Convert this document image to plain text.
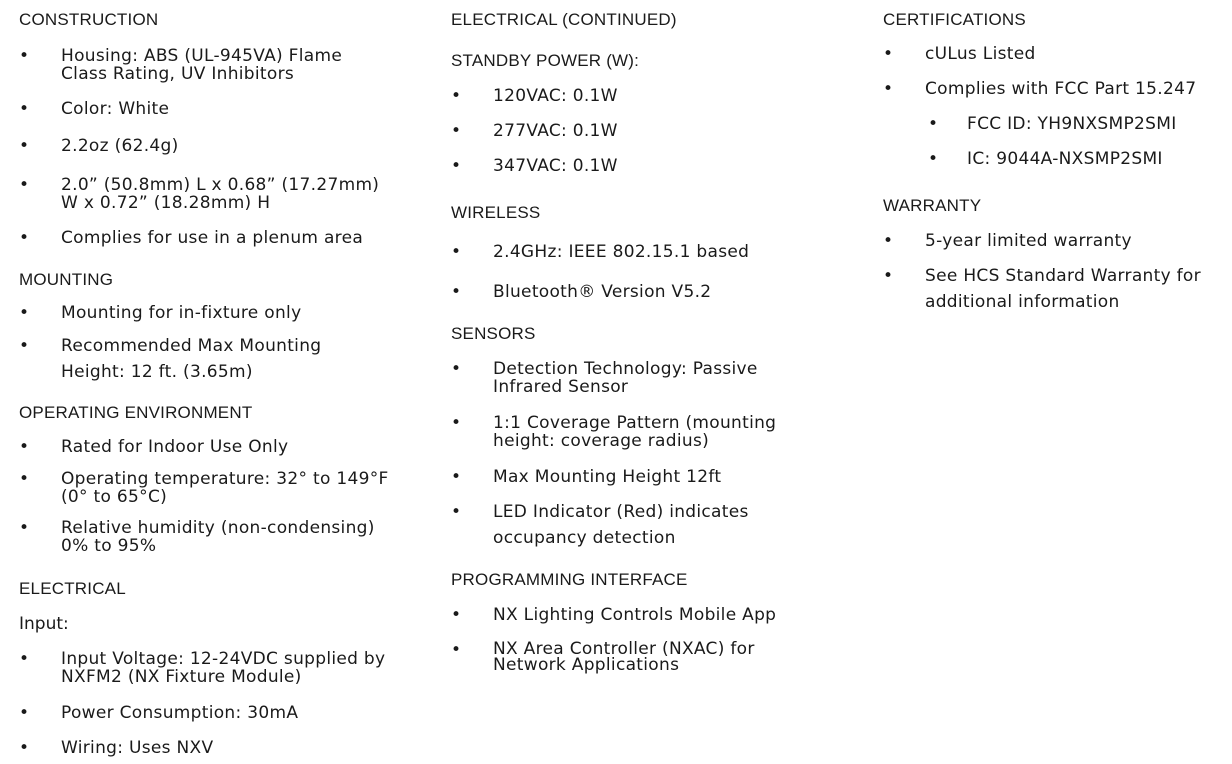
CONSTRUCTION
• Housing: ABS (UL-945VA) Flame
Class Rating, UV Inhibitors
• Color: White
• 2.2oz (62.4g)
• 2.0” (50.8mm) L x 0.68” (17.27mm)
W x 0.72” (18.28mm) H
• Complies for use in a plenum area
MOUNTING
• Mounting for in-fixture only
• Recommended Max Mounting
Height: 12 ft. (3.65m)
OPERATING ENVIRONMENT
• Rated for Indoor Use Only
• Operating temperature: 32° to 149°F
(0° to 65°C)
• Relative humidity (non-condensing)
0% to 95%
ELECTRICAL
Input:
• Input Voltage: 12-24VDC supplied by
NXFM2 (NX Fixture Module)
• Power Consumption: 30mA
• Wiring: Uses NXV
ELECTRICAL (CONTINUED)
STANDBY POWER (W):
• 120VAC: 0.1W
• 277VAC: 0.1W
• 347VAC: 0.1W
WIRELESS
• 2.4GHz: IEEE 802.15.1 based
• Bluetooth® Version V5.2
SENSORS
• Detection Technology: Passive
Infrared Sensor
• 1:1 Coverage Pattern (mounting
height: coverage radius)
• Max Mounting Height 12ft
• LED Indicator (Red) indicates
occupancy detection
PROGRAMMING INTERFACE
• NX Lighting Controls Mobile App
• NX Area Controller (NXAC) for
Network Applications
CERTIFICATIONS
• cULus Listed
• Complies with FCC Part 15.247
• FCC ID: YH9NXSMP2SMI
• IC: 9044A-NXSMP2SMI
WARRANTY
• 5-year limited warranty
• See HCS Standard Warranty for
additional information
